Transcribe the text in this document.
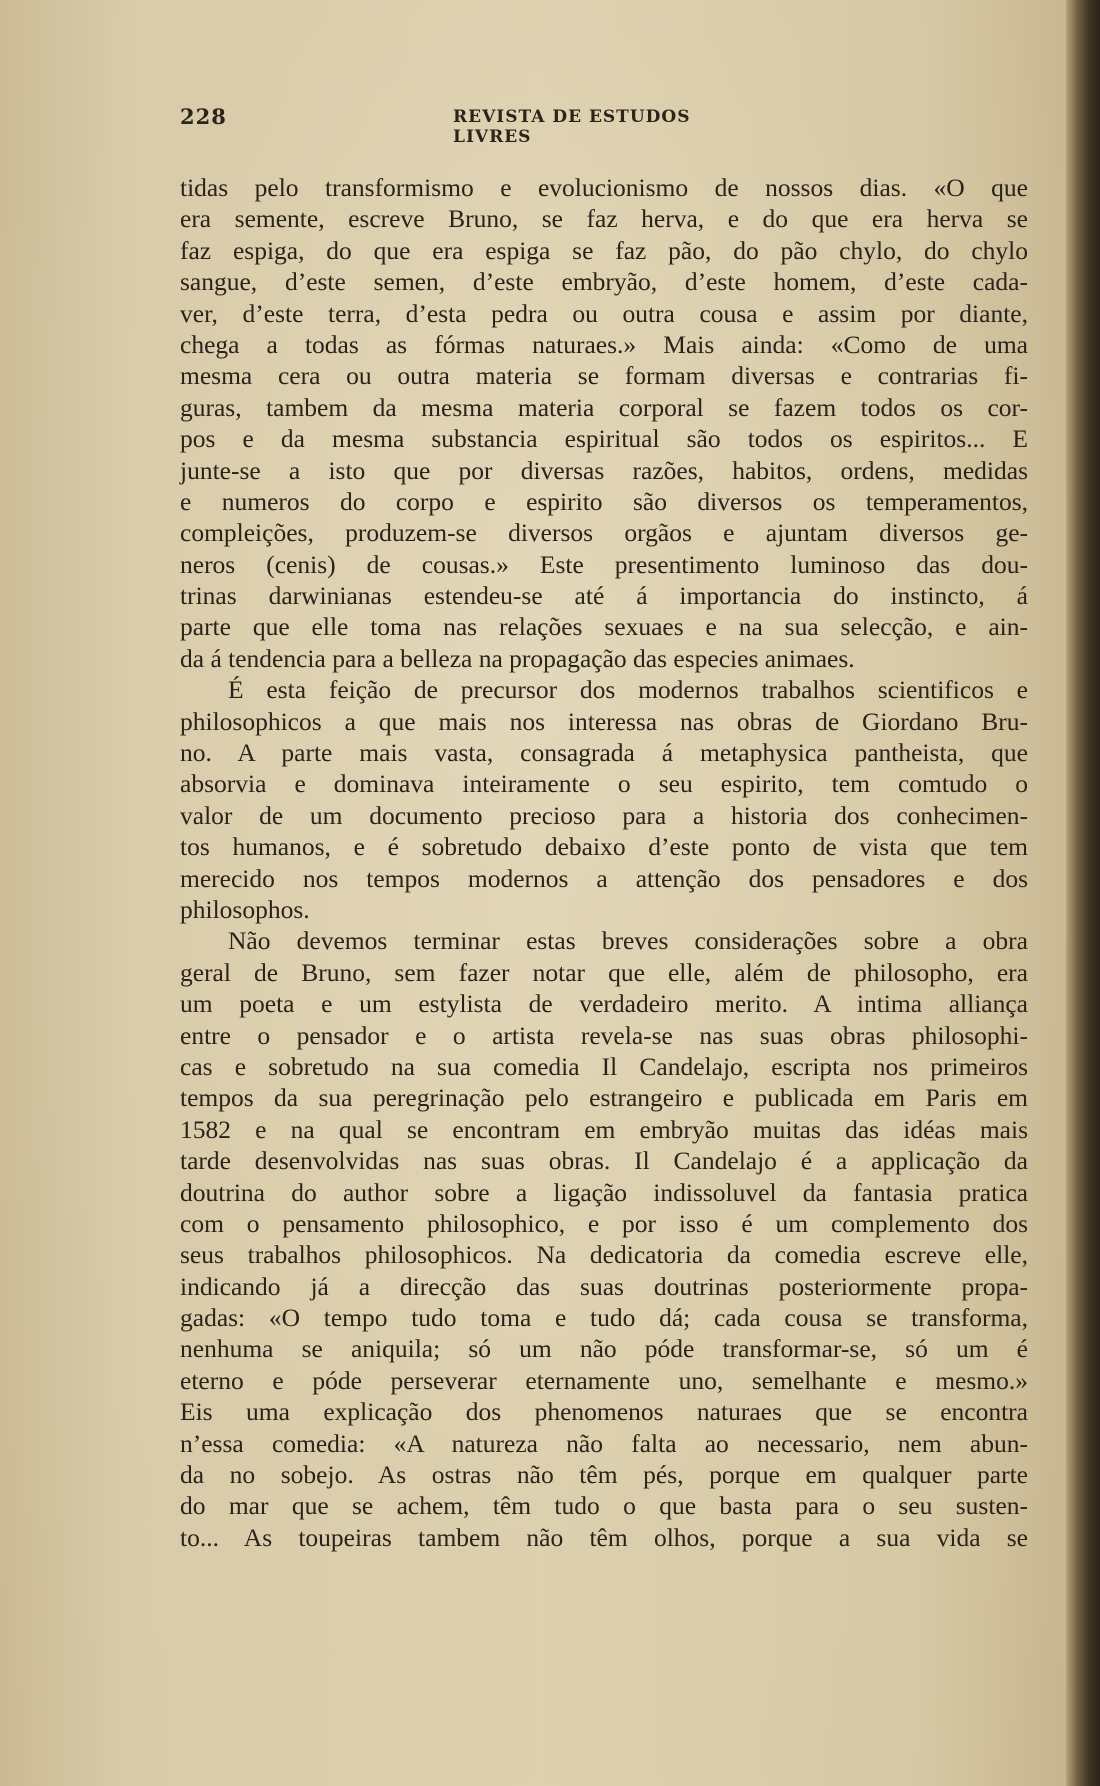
228	REVISTA DE ESTUDOS LIVRES
tidas pelo transformismo e evolucionismo de nossos dias. «O que
era semente, escreve Bruno, se faz herva, e do que era herva se
faz espiga, do que era espiga se faz pão, do pão chylo, do chylo
sangue, d’este semen, d’este embryão, d’este homem, d’este cada-
ver, d’este terra, d’esta pedra ou outra cousa e assim por diante,
chega a todas as fórmas naturaes.» Mais ainda: «Como de uma
mesma cera ou outra materia se formam diversas e contrarias fi-
guras, tambem da mesma materia corporal se fazem todos os cor-
pos e da mesma substancia espiritual são todos os espiritos... E
junte-se a isto que por diversas razões, habitos, ordens, medidas
e numeros do corpo e espirito são diversos os temperamentos,
compleições, produzem-se diversos orgãos e ajuntam diversos ge-
neros (cenis) de cousas.» Este presentimento luminoso das dou-
trinas darwinianas estendeu-se até á importancia do instincto, á
parte que elle toma nas relações sexuaes e na sua selecção, e ain-
da á tendencia para a belleza na propagação das especies animaes.
É esta feição de precursor dos modernos trabalhos scientificos e
philosophicos a que mais nos interessa nas obras de Giordano Bru-
no. A parte mais vasta, consagrada á metaphysica pantheista, que
absorvia e dominava inteiramente o seu espirito, tem comtudo o
valor de um documento precioso para a historia dos conhecimen-
tos humanos, e é sobretudo debaixo d’este ponto de vista que tem
merecido nos tempos modernos a attenção dos pensadores e dos
philosophos.
Não devemos terminar estas breves considerações sobre a obra
geral de Bruno, sem fazer notar que elle, além de philosopho, era
um poeta e um estylista de verdadeiro merito. A intima alliança
entre o pensador e o artista revela-se nas suas obras philosophi-
cas e sobretudo na sua comedia Il Candelajo, escripta nos primeiros
tempos da sua peregrinação pelo estrangeiro e publicada em Paris em
1582 e na qual se encontram em embryão muitas das idéas mais
tarde desenvolvidas nas suas obras. Il Candelajo é a applicação da
doutrina do author sobre a ligação indissoluvel da fantasia pratica
com o pensamento philosophico, e por isso é um complemento dos
seus trabalhos philosophicos. Na dedicatoria da comedia escreve elle,
indicando já a direcção das suas doutrinas posteriormente propa-
gadas: «O tempo tudo toma e tudo dá; cada cousa se transforma,
nenhuma se aniquila; só um não póde transformar-se, só um é
eterno e póde perseverar eternamente uno, semelhante e mesmo.»
Eis uma explicação dos phenomenos naturaes que se encontra
n’essa comedia: «A natureza não falta ao necessario, nem abun-
da no sobejo. As ostras não têm pés, porque em qualquer parte
do mar que se achem, têm tudo o que basta para o seu susten-
to... As toupeiras tambem não têm olhos, porque a sua vida se
